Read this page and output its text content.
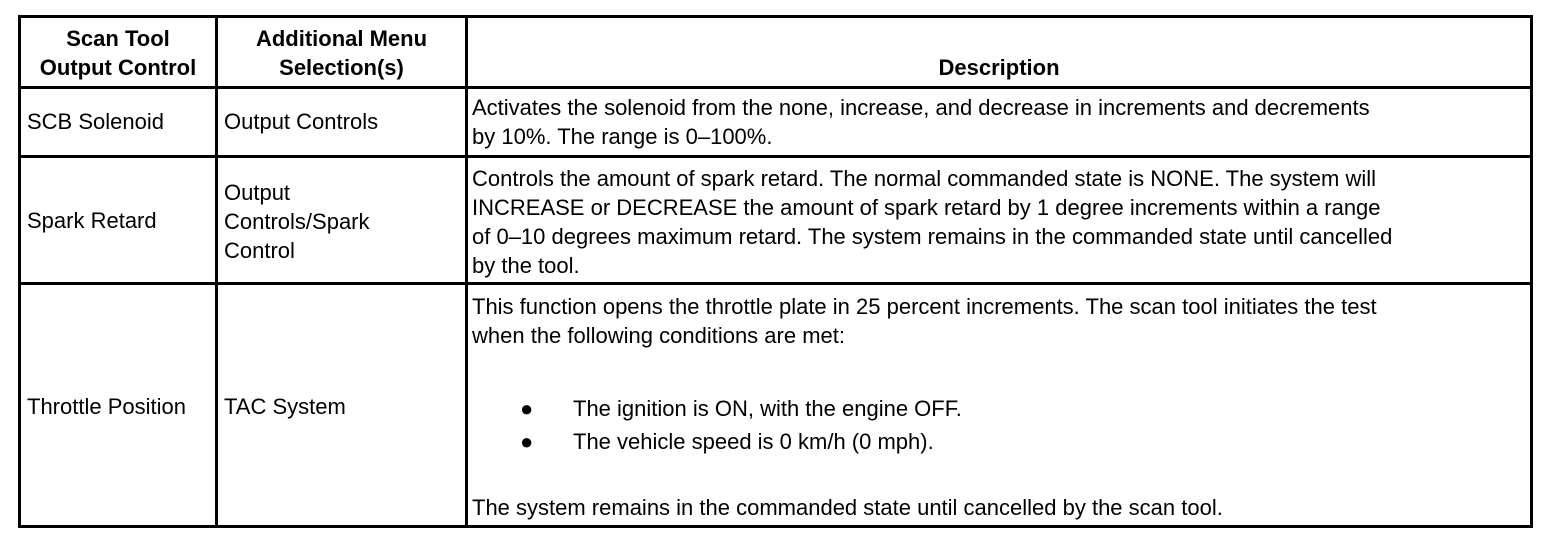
Scan Tool
Output Control
Additional Menu
Selection(s)	Description
SCB Solenoid	Output Controls
Activates the solenoid from the none, increase, and decrease in increments and decrements
by 10%. The range is 0–100%.
Spark Retard
Output
Controls/Spark
Control
Controls the amount of spark retard. The normal commanded state is NONE. The system will
INCREASE or DECREASE the amount of spark retard by 1 degree increments within a range
of 0–10 degrees maximum retard. The system remains in the commanded state until cancelled
by the tool.
Throttle Position TAC System
This function opens the throttle plate in 25 percent increments. The scan tool initiates the test
when the following conditions are met:
● The ignition is ON, with the engine OFF.
● The vehicle speed is 0 km/h (0 mph).
The system remains in the commanded state until cancelled by the scan tool.
